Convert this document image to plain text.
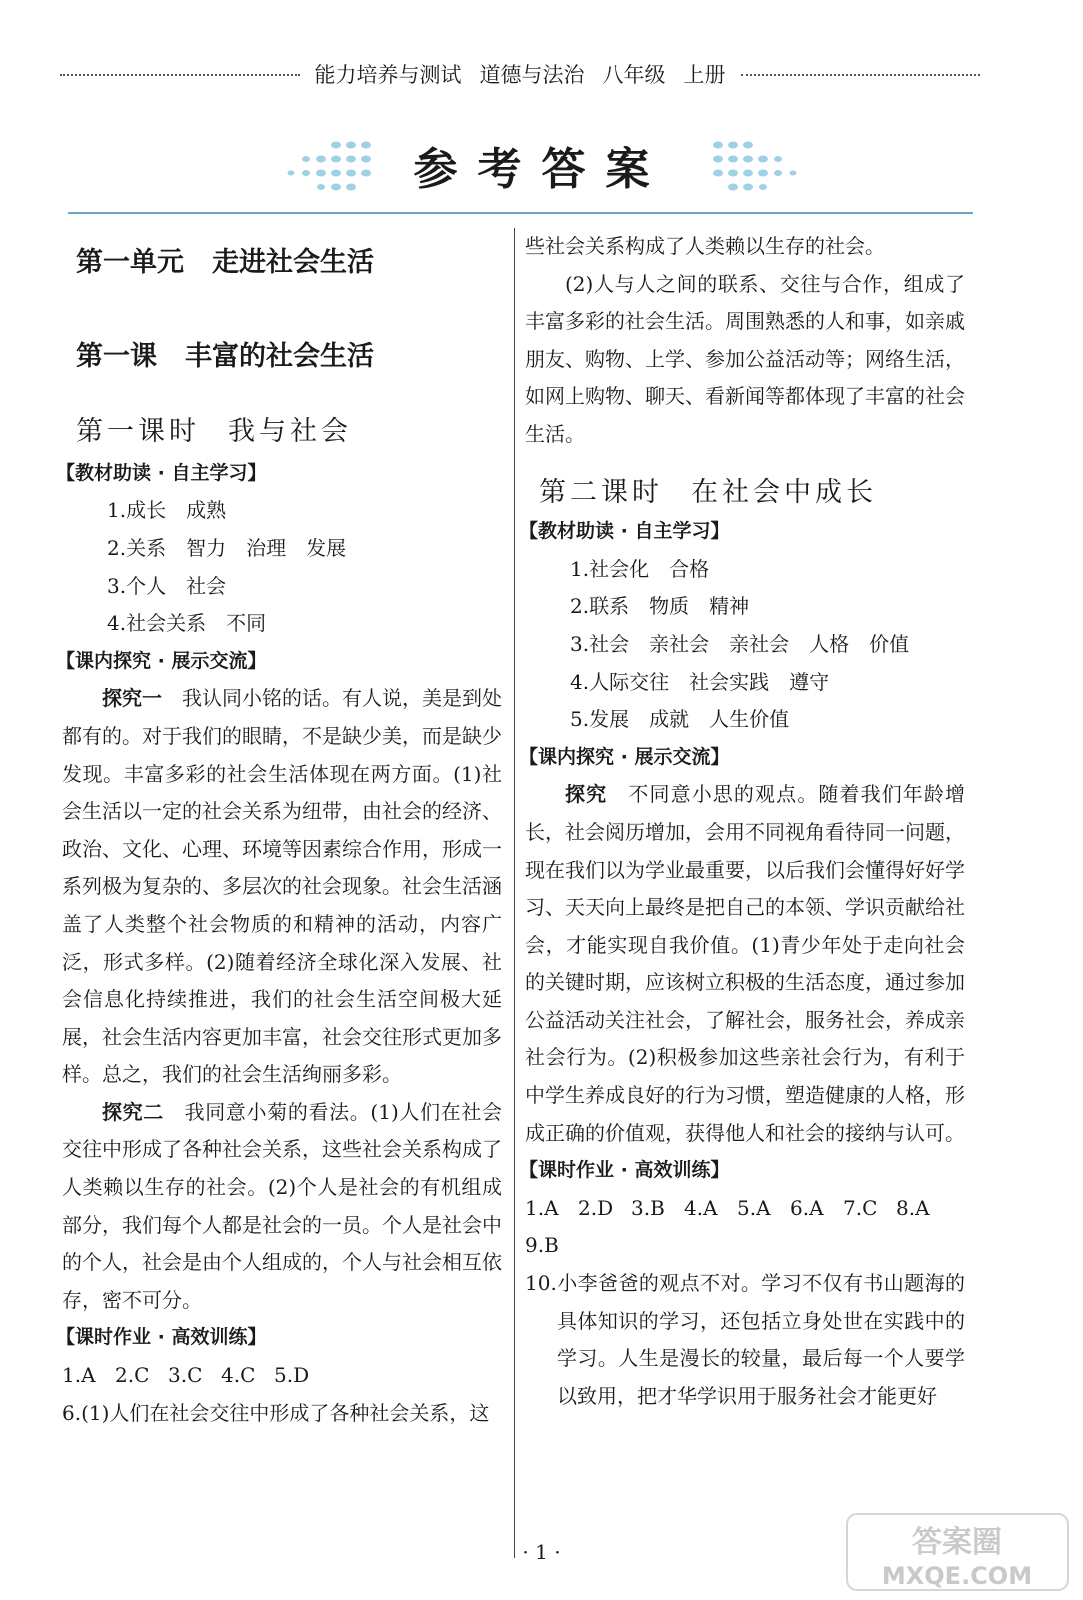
能力培养与测试 道德与法治 八年级 上册
参考答案

第一单元 走进社会生活

第一课 丰富的社会生活

第一课时 我与社会

【教材助读 · 自主学习】

1.成长　成熟

2.关系　智力　治理　发展

3.个人　社会

4.社会关系　不同

【课内探究 · 展示交流】

探究一　 我认同小铭的话。有人说，美是到处都有的。对于我们的眼睛，不是缺少美，而是缺少发现。丰富多彩的社会生活体现在两方面。(1)社会生活以一定的社会关系为纽带，由社会的经济、政治、文化、心理、环境等因素综合作用，形成一系列极为复杂的、多层次的社会现象。社会生活涵盖了人类整个社会物质的和精神的活动，内容广泛，形式多样。(2)随着经济全球化深入发展、社会信息化持续推进，我们的社会生活空间极大延展，社会生活内容更加丰富，社会交往形式更加多样。总之，我们的社会生活绚丽多彩。

探究二　 我同意小菊的看法。(1)人们在社会交往中形成了各种社会关系，这些社会关系构成了人类赖以生存的社会。(2)个人是社会的有机组成部分，我们每个人都是社会的一员。个人是社会中的个人，社会是由个人组成的，个人与社会相互依存，密不可分。

【课时作业 · 高效训练】

1.A 2.C 3.C 4.C 5.D

6.(1)人们在社会交往中形成了各种社会关系，这

些社会关系构成了人类赖以生存的社会。

(2)人与人之间的联系、交往与合作，组成了丰富多彩的社会生活。周围熟悉的人和事，如亲戚朋友、购物、上学、参加公益活动等；网络生活，如网上购物、聊天、看新闻等都体现了丰富的社会生活。

第二课时 在社会中成长

【教材助读 · 自主学习】

1.社会化　合格

2.联系　物质　精神

3.社会　亲社会　亲社会　人格　价值

4.人际交往　社会实践　遵守

5.发展　成就　人生价值

【课内探究 · 展示交流】

探究　 不同意小思的观点。随着我们年龄增长，社会阅历增加，会用不同视角看待同一问题，现在我们以为学业最重要，以后我们会懂得好好学习、天天向上最终是把自己的本领、学识贡献给社会，才能实现自我价值。(1)青少年处于走向社会的关键时期，应该树立积极的生活态度，通过参加公益活动关注社会，了解社会，服务社会，养成亲社会行为。(2)积极参加这些亲社会行为，有利于中学生养成良好的行为习惯，塑造健康的人格，形成正确的价值观，获得他人和社会的接纳与认可。

【课时作业 · 高效训练】

1.A 2.D 3.B 4.A 5.A 6.A 7.C 8.A

9.B

10.小李爸爸的观点不对。学习不仅有书山题海的具体知识的学习，还包括立身处世在实践中的学习。人生是漫长的较量，最后每一个人要学以致用，把才华学识用于服务社会才能更好

· 1 ·	答案圈 MXQE.COM
